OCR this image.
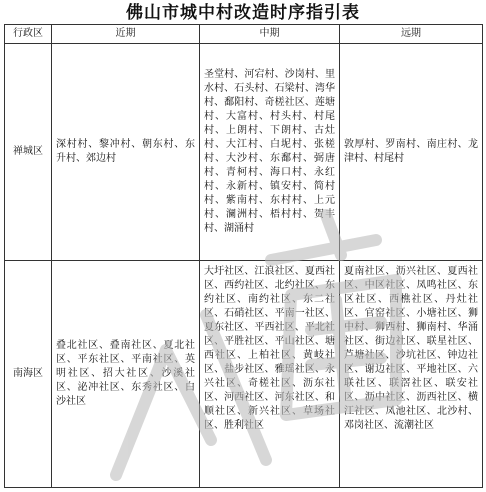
佛山市城中村改造时序指引表
行政区	近期	中期	远期
禅城区	深村村、黎冲村、朝东村、东升村、郊边村	圣堂村、河宕村、沙岗村、里水村、石头村、石梁村、湾华村、鄱阳村、奇槎社区、莲塘村、大富村、村头村、村尾村、上朗村、下朗村、古灶村、大江村、白坭村、张槎村、大沙村、东鄱村、弼唐村、青柯村、海口村、永红村、永新村、镇安村、简村村、紫南村、东村村、上元村、澜洲村、梧村村、贺丰村、湖涌村	敦厚村、罗南村、南庄村、龙津村、村尾村
南海区	叠北社区、叠南社区、夏北社区、平东社区、平南社区、英明社区、招大社区、沙溪社区、泌冲社区、东秀社区、白沙社区	大圩社区、江浪社区、夏西社区、西约社区、北约社区、东约社区、南约社区、东二社区、石硝社区、平南一社区、夏东社区、平西社区、平北社区、平胜社区、平山社区、塘西社区、上柏社区、黄岐社区、盐步社区、雅瑶社区、永兴社区、奇槎社区、沥东社区、河西社区、河东社区、和顺社区、新兴社区、草场社区、胜利社区	夏南社区、沥兴社区、夏西社区、中区社区、凤鸣社区、东区社区、西樵社区、丹灶社区、官窑社区、小塘社区、狮中村、狮西村、狮南村、华涌社区、街边社区、联星社区、芦塘社区、沙坑社区、钟边社区、谢边社区、平地社区、六联社区、联滘社区、联安社区、沥中社区、沥西社区、横江社区、凤池社区、北沙村、邓岗社区、流潮社区
